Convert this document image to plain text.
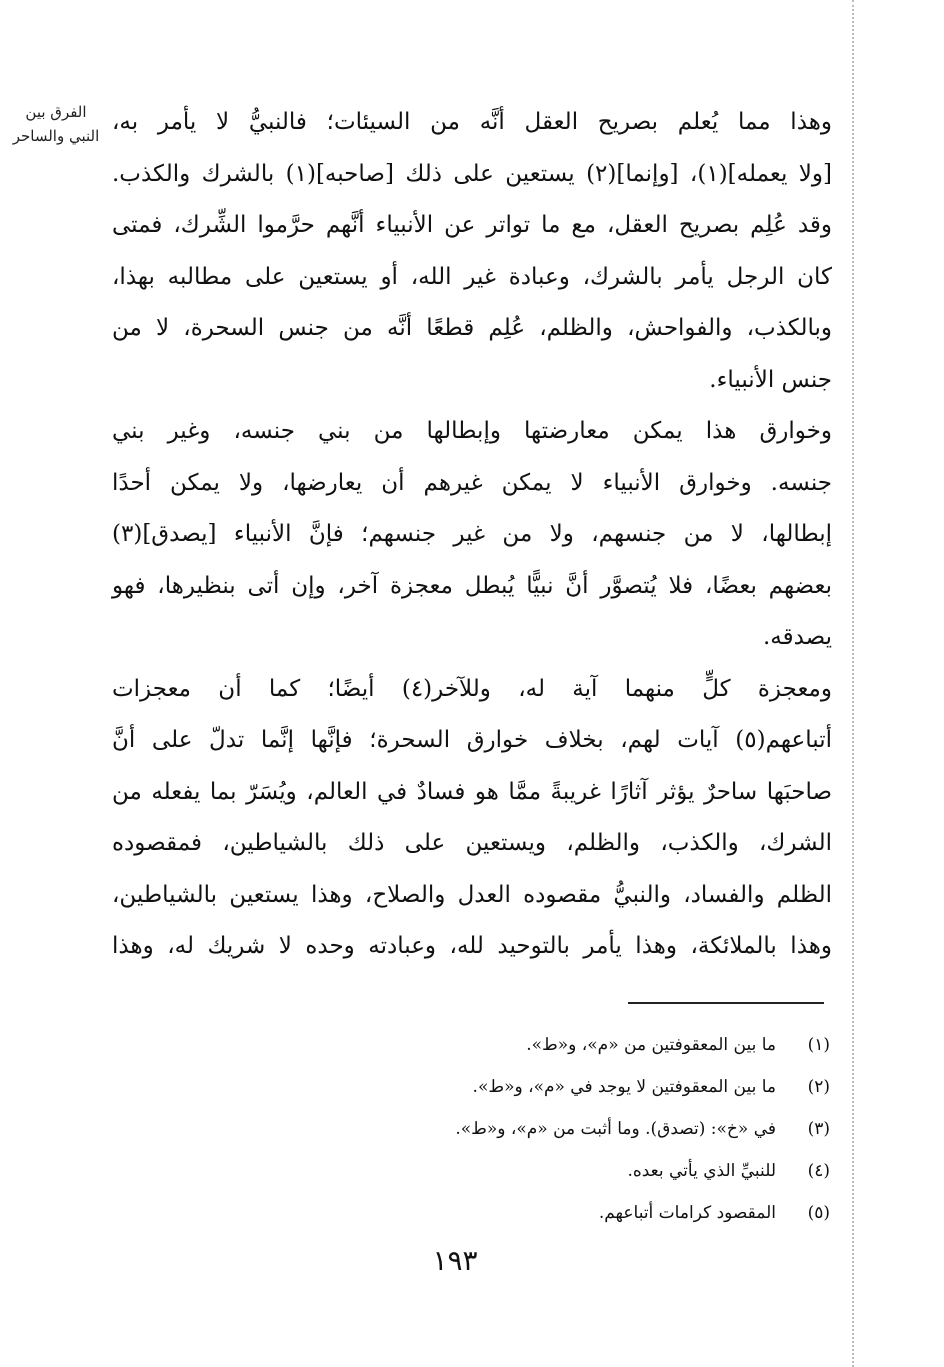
الفرق بين
النبي والساحر
وهذا مما يُعلم بصريح العقل أنَّه من السيئات؛ فالنبيُّ لا يأمر به،
[ولا يعمله](١)، [وإنما](٢) يستعين على ذلك [صاحبه](١) بالشرك والكذب.
وقد عُلِم بصريح العقل، مع ما تواتر عن الأنبياء أنَّهم حرَّموا الشِّرك، فمتى
كان الرجل يأمر بالشرك، وعبادة غير الله، أو يستعين على مطالبه بهذا،
وبالكذب، والفواحش، والظلم، عُلِم قطعًا أنَّه من جنس السحرة، لا من
جنس الأنبياء.
وخوارق هذا يمكن معارضتها وإبطالها من بني جنسه، وغير بني
جنسه. وخوارق الأنبياء لا يمكن غيرهم أن يعارضها، ولا يمكن أحدًا
إبطالها، لا من جنسهم، ولا من غير جنسهم؛ فإنَّ الأنبياء [يصدق](٣)
بعضهم بعضًا، فلا يُتصوَّر أنَّ نبيًّا يُبطل معجزة آخر، وإن أتى بنظيرها، فهو
يصدقه.
ومعجزة كلٍّ منهما آية له، وللآخر(٤) أيضًا؛ كما أن معجزات
أتباعهم(٥) آيات لهم، بخلاف خوارق السحرة؛ فإنَّها إنَّما تدلّ على أنَّ
صاحبَها ساحرٌ يؤثر آثارًا غريبةً ممَّا هو فسادٌ في العالم، ويُسَرّ بما يفعله من
الشرك، والكذب، والظلم، ويستعين على ذلك بالشياطين، فمقصوده
الظلم والفساد، والنبيُّ مقصوده العدل والصلاح، وهذا يستعين بالشياطين،
وهذا بالملائكة، وهذا يأمر بالتوحيد لله، وعبادته وحده لا شريك له، وهذا
(١)ما بين المعقوفتين من «م»، و«ط».
(٢)ما بين المعقوفتين لا يوجد في «م»، و«ط».
(٣)في «خ»: (تصدق). وما أثبت من «م»، و«ط».
(٤)للنبيِّ الذي يأتي بعده.
(٥)المقصود كرامات أتباعهم.
١٩٣
